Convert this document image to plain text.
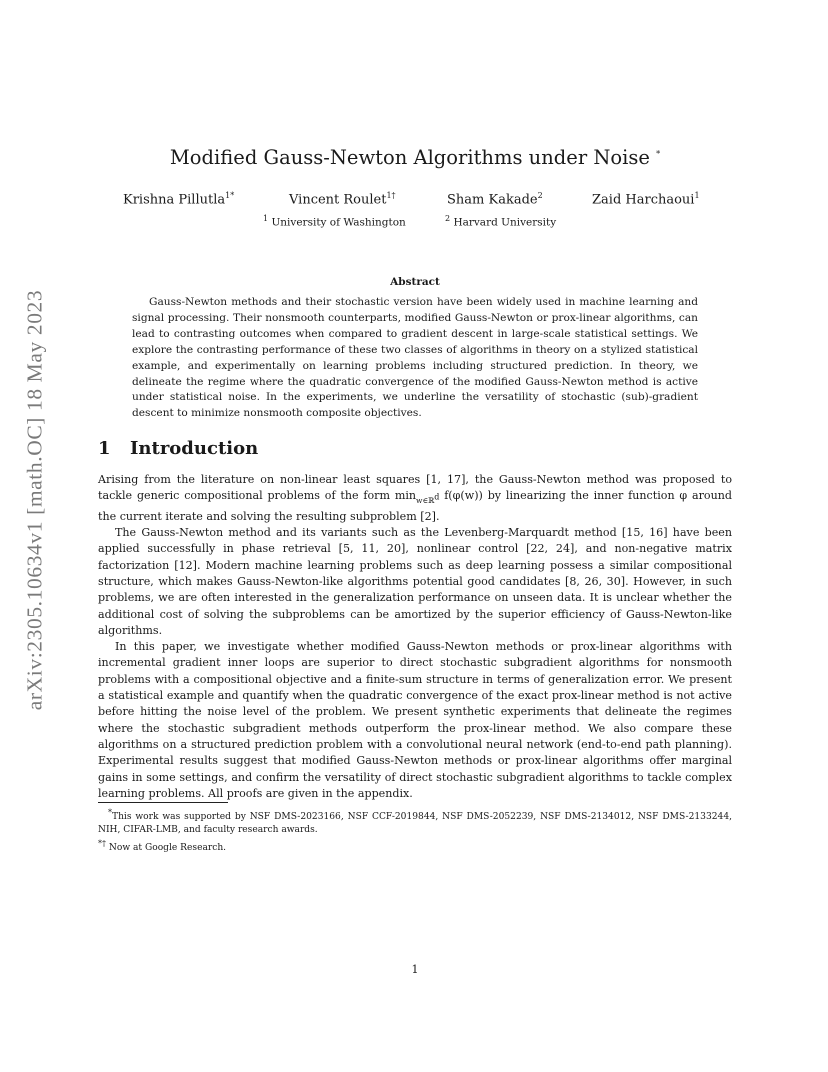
arXiv:2305.10634v1 [math.OC] 18 May 2023
Modified Gauss-Newton Algorithms under Noise *
Krishna Pillutla$^{1*}$	Vincent Roulet$^{1\dagger}$	Sham Kakade$^2$	Zaid Harchaoui$^1$
$^1$ University of Washington	$^2$ Harvard University
Abstract

Gauss-Newton methods and their stochastic version have been widely used in machine learning and signal processing. Their nonsmooth counterparts, modified Gauss-Newton or prox-linear algorithms, can lead to contrasting outcomes when compared to gradient descent in large-scale statistical settings. We explore the contrasting performance of these two classes of algorithms in theory on a stylized statistical example, and experimentally on learning problems including structured prediction. In theory, we delineate the regime where the quadratic convergence of the modified Gauss-Newton method is active under statistical noise. In the experiments, we underline the versatility of stochastic (sub)-gradient descent to minimize nonsmooth composite objectives.

1 Introduction

Arising from the literature on non-linear least squares [1, 17], the Gauss-Newton method was proposed to tackle generic compositional problems of the form $\min_{w\in ℝ^d} f(\varphi(w))$ by linearizing the inner function φ around the current iterate and solving the resulting subproblem [2].

The Gauss-Newton method and its variants such as the Levenberg-Marquardt method [15, 16] have been applied successfully in phase retrieval [5, 11, 20], nonlinear control [22, 24], and non-negative matrix factorization [12]. Modern machine learning problems such as deep learning possess a similar compositional structure, which makes Gauss-Newton-like algorithms potential good candidates [8, 26, 30]. However, in such problems, we are often interested in the generalization performance on unseen data. It is unclear whether the additional cost of solving the subproblems can be amortized by the superior efficiency of Gauss-Newton-like algorithms.

In this paper, we investigate whether modified Gauss-Newton methods or prox-linear algorithms with incremental gradient inner loops are superior to direct stochastic subgradient algorithms for nonsmooth problems with a compositional objective and a finite-sum structure in terms of generalization error. We present a statistical example and quantify when the quadratic convergence of the exact prox-linear method is not active before hitting the noise level of the problem. We present synthetic experiments that delineate the regimes where the stochastic subgradient methods outperform the prox-linear method. We also compare these algorithms on a structured prediction problem with a convolutional neural network (end-to-end path planning). Experimental results suggest that modified Gauss-Newton methods or prox-linear algorithms offer marginal gains in some settings, and confirm the versatility of direct stochastic subgradient algorithms to tackle complex learning problems. All proofs are given in the appendix.

*This work was supported by NSF DMS-2023166, NSF CCF-2019844, NSF DMS-2052239, NSF DMS-2134012, NSF DMS-2133244, NIH, CIFAR-LMB, and faculty research awards.

*† Now at Google Research.

1
